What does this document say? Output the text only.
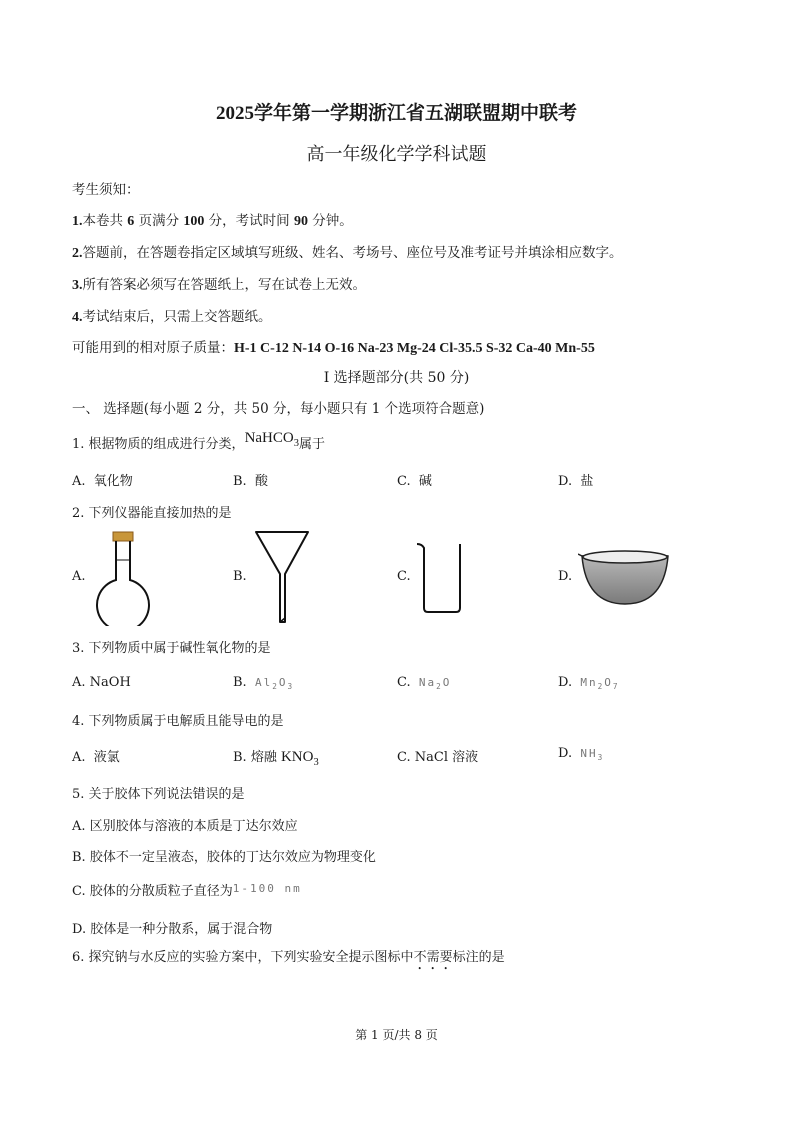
2025学年第一学期浙江省五湖联盟期中联考
高一年级化学学科试题
考生须知：
1.本卷共 6 页满分 100 分，考试时间 90 分钟。
2.答题前，在答题卷指定区域填写班级、姓名、考场号、座位号及准考证号并填涂相应数字。
3.所有答案必须写在答题纸上，写在试卷上无效。
4.考试结束后，只需上交答题纸。
可能用到的相对原子质量：H-1 C-12 N-14 O-16 Na-23 Mg-24 Cl-35.5 S-32 Ca-40 Mn-55
I 选择题部分(共 50 分)
一、 选择题(每小题 2 分，共 50 分，每小题只有 1 个选项符合题意)
1. 根据物质的组成进行分类，NaHCO$_3$属于
A. 氧化物	B. 酸	C. 碱	D. 盐
2. 下列仪器能直接加热的是
A.	B.	C.	D.
3. 下列物质中属于碱性氧化物的是
A. NaOH	B. $Al_2O_3$	C. $Na_2O$	D. $Mn_2O_7$
4. 下列物质属于电解质且能导电的是
A. 液氯	B. 熔融 $KNO_3$	C. NaCl 溶液	D. $NH_3$
5. 关于胶体下列说法错误的是
A. 区别胶体与溶液的本质是丁达尔效应
B. 胶体不一定呈液态，胶体的丁达尔效应为物理变化
C. 胶体的分散质粒子直径为$^{1-100 nm}$
D. 胶体是一种分散系，属于混合物
6. 探究钠与水反应的实验方案中，下列实验安全提示图标中不需要标注的是
第 1 页/共 8 页
